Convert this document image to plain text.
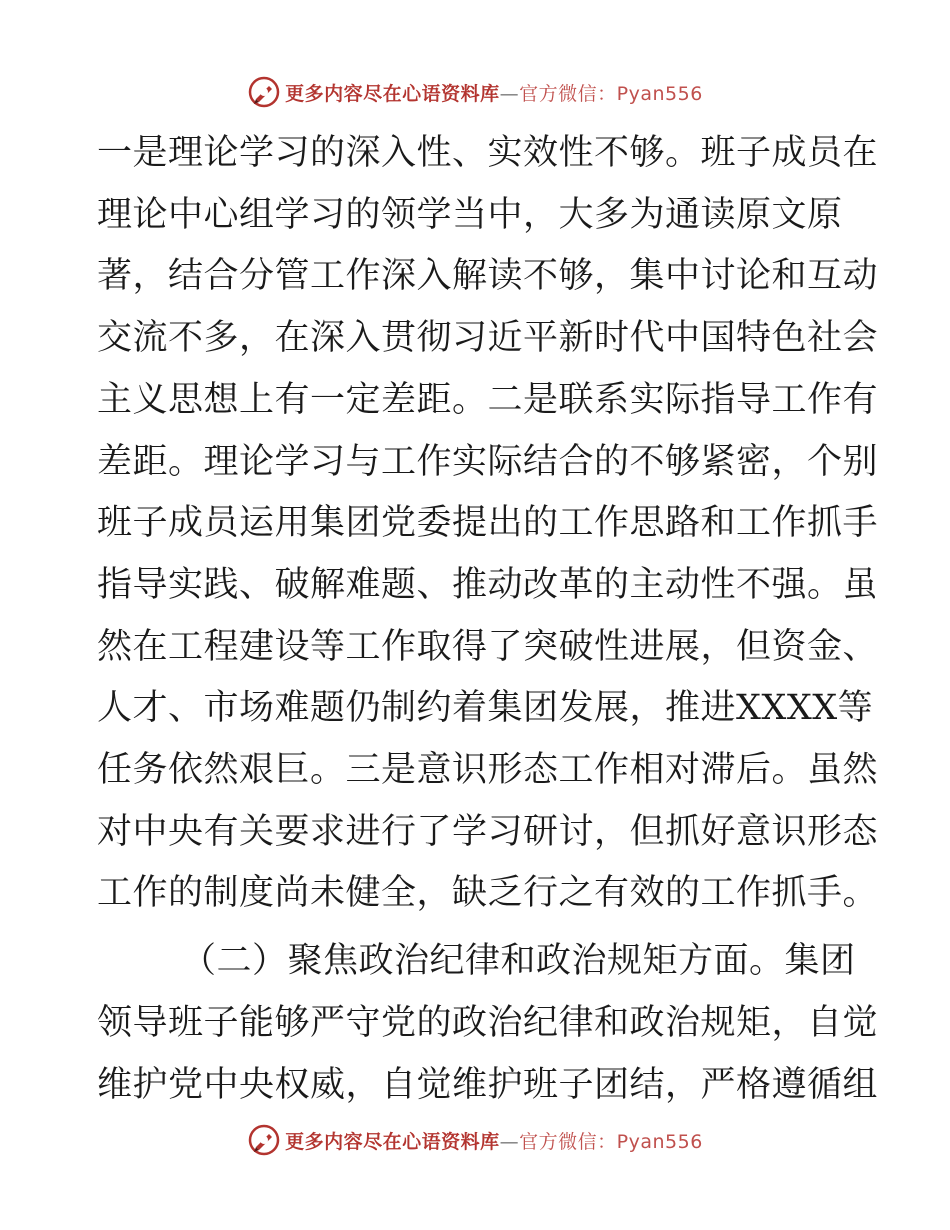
更多内容尽在心语资料库—官方微信：Pyan556

一是理论学习的深入性、实效性不够。班子成员在
理论中心组学习的领学当中，大多为通读原文原
著，结合分管工作深入解读不够，集中讨论和互动
交流不多，在深入贯彻习近平新时代中国特色社会
主义思想上有一定差距。二是联系实际指导工作有
差距。理论学习与工作实际结合的不够紧密，个别
班子成员运用集团党委提出的工作思路和工作抓手
指导实践、破解难题、推动改革的主动性不强。虽
然在工程建设等工作取得了突破性进展，但资金、
人才、市场难题仍制约着集团发展，推进XXXX等
任务依然艰巨。三是意识形态工作相对滞后。虽然
对中央有关要求进行了学习研讨，但抓好意识形态
工作的制度尚未健全，缺乏行之有效的工作抓手。

（二）聚焦政治纪律和政治规矩方面。集团
领导班子能够严守党的政治纪律和政治规矩，自觉
维护党中央权威，自觉维护班子团结，严格遵循组

更多内容尽在心语资料库—官方微信：Pyan556
